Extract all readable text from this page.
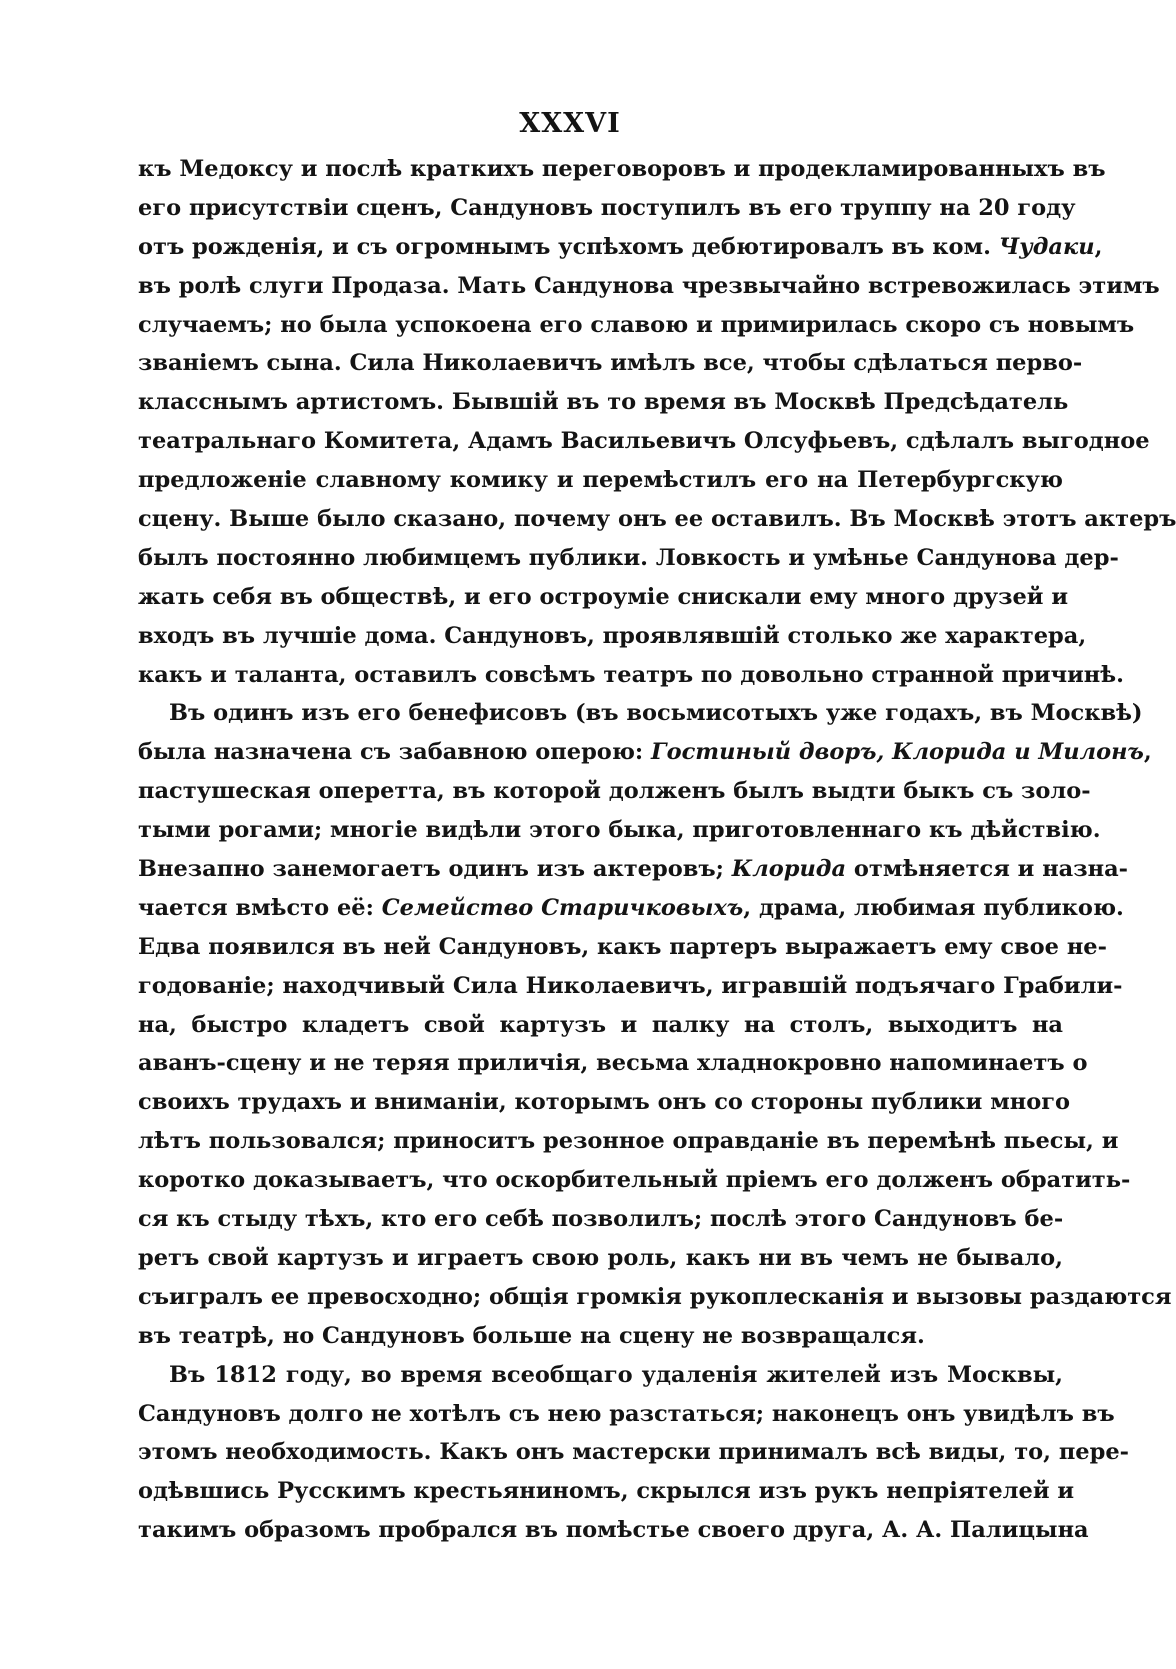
XXXVI
къ Медоксу и послѣ краткихъ переговоровъ и продекламированныхъ въ
его присутствіи сценъ, Сандуновъ поступилъ въ его труппу на 20 году
отъ рожденія, и съ огромнымъ успѣхомъ дебютировалъ въ ком. Чудаки,
въ ролѣ слуги Продаза. Мать Сандунова чрезвычайно встревожилась этимъ
случаемъ; но была успокоена его славою и примирилась скоро съ новымъ
званіемъ сына. Сила Николаевичъ имѣлъ все, чтобы сдѣлаться перво-
класснымъ артистомъ. Бывшій въ то время въ Москвѣ Предсѣдатель
театральнаго Комитета, Адамъ Васильевичъ Олсуфьевъ, сдѣлалъ выгодное
предложеніе славному комику и перемѣстилъ его на Петербургскую
сцену. Выше было сказано, почему онъ ее оставилъ. Въ Москвѣ этотъ актеръ
былъ постоянно любимцемъ публики. Ловкость и умѣнье Сандунова дер-
жать себя въ обществѣ, и его остроуміе снискали ему много друзей и
входъ въ лучшіе дома. Сандуновъ, проявлявшій столько же характера,
какъ и таланта, оставилъ совсѣмъ театръ по довольно странной причинѣ.
Въ одинъ изъ его бенефисовъ (въ восьмисотыхъ уже годахъ, въ Москвѣ)
была назначена съ забавною оперою: Гостиный дворъ, Клорида и Милонъ,
пастушеская оперетта, въ которой долженъ былъ выдти быкъ съ золо-
тыми рогами; многіе видѣли этого быка, приготовленнаго къ дѣйствію.
Внезапно занемогаетъ одинъ изъ актеровъ; Клорида отмѣняется и назна-
чается вмѣсто её: Семейство Старичковыхъ, драма, любимая публикою.
Едва появился въ ней Сандуновъ, какъ партеръ выражаетъ ему свое не-
годованіе; находчивый Сила Николаевичъ, игравшій подъячаго Грабили-
на, быстро кладетъ свой картузъ и палку на столъ, выходитъ на
аванъ-сцену и не теряя приличія, весьма хладнокровно напоминаетъ о
своихъ трудахъ и вниманіи, которымъ онъ со стороны публики много
лѣтъ пользовался; приноситъ резонное оправданіе въ перемѣнѣ пьесы, и
коротко доказываетъ, что оскорбительный пріемъ его долженъ обратить-
ся къ стыду тѣхъ, кто его себѣ позволилъ; послѣ этого Сандуновъ бе-
ретъ свой картузъ и играетъ свою роль, какъ ни въ чемъ не бывало,
съигралъ ее превосходно; общія громкія рукоплесканія и вызовы раздаются
въ театрѣ, но Сандуновъ больше на сцену не возвращался.
Въ 1812 году, во время всеобщаго удаленія жителей изъ Москвы,
Сандуновъ долго не хотѣлъ съ нею разстаться; наконецъ онъ увидѣлъ въ
этомъ необходимость. Какъ онъ мастерски принималъ всѣ виды, то, пере-
одѣвшись Русскимъ крестьяниномъ, скрылся изъ рукъ непріятелей и
такимъ образомъ пробрался въ помѣстье своего друга, А. А. Палицына
